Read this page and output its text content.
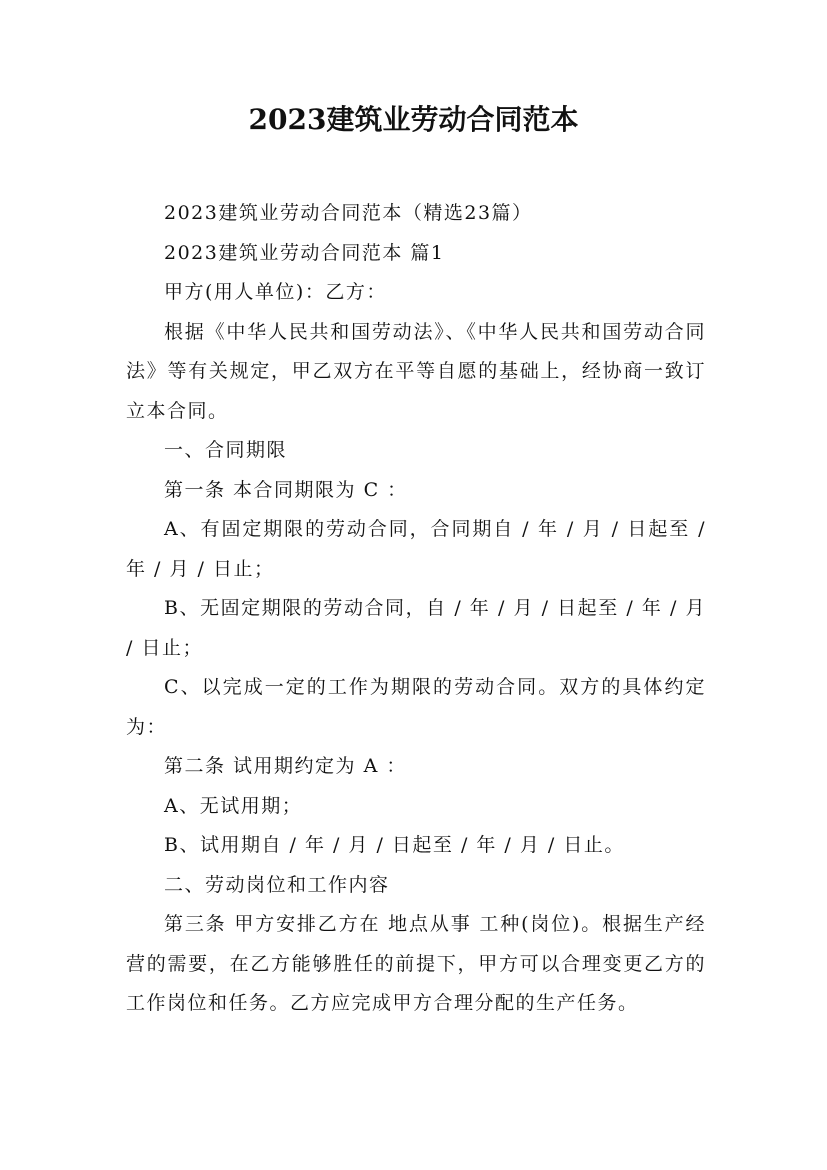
2023建筑业劳动合同范本

2023建筑业劳动合同范本（精选23篇）

2023建筑业劳动合同范本 篇1

甲方(用人单位)：乙方：

根据《中华人民共和国劳动法》、《中华人民共和国劳动合同法》等有关规定，甲乙双方在平等自愿的基础上，经协商一致订立本合同。

一、合同期限

第一条 本合同期限为 C ：

A、有固定期限的劳动合同，合同期自 / 年 / 月 / 日起至 / 年 / 月 / 日止；

B、无固定期限的劳动合同，自 / 年 / 月 / 日起至 / 年 / 月 / 日止；

C、以完成一定的工作为期限的劳动合同。双方的具体约定为：

第二条 试用期约定为 A ：

A、无试用期；

B、试用期自 / 年 / 月 / 日起至 / 年 / 月 / 日止。

二、劳动岗位和工作内容

第三条 甲方安排乙方在 地点从事 工种(岗位)。根据生产经营的需要，在乙方能够胜任的前提下，甲方可以合理变更乙方的工作岗位和任务。乙方应完成甲方合理分配的生产任务。
